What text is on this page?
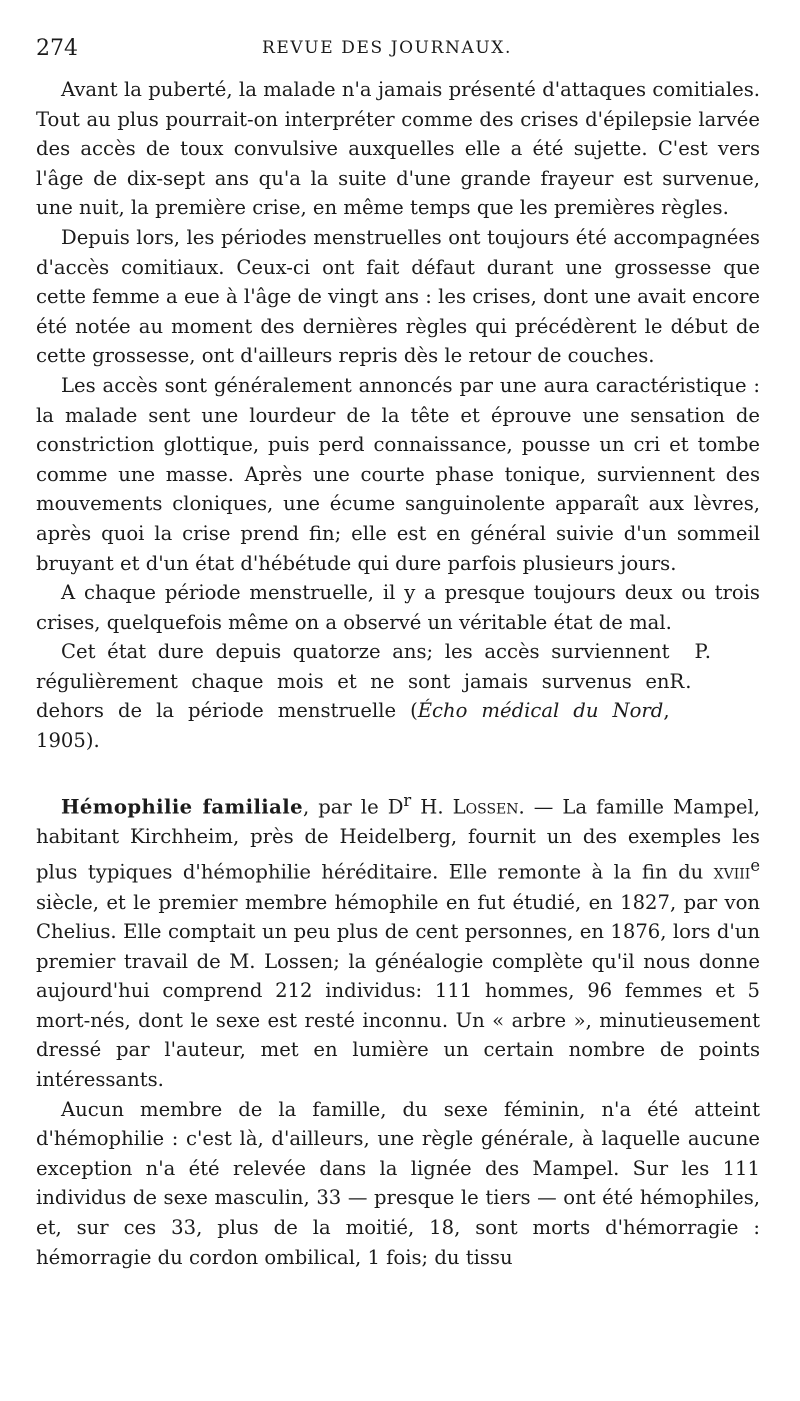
274	REVUE DES JOURNAUX.

Avant la puberté, la malade n'a jamais présenté d'attaques comitiales. Tout au plus pourrait-on interpréter comme des crises d'épilepsie larvée des accès de toux convulsive auxquelles elle a été sujette. C'est vers l'âge de dix-sept ans qu'a la suite d'une grande frayeur est survenue, une nuit, la première crise, en même temps que les premières règles.

Depuis lors, les périodes menstruelles ont toujours été accompagnées d'accès comitiaux. Ceux-ci ont fait défaut durant une grossesse que cette femme a eue à l'âge de vingt ans : les crises, dont une avait encore été notée au moment des dernières règles qui précédèrent le début de cette grossesse, ont d'ailleurs repris dès le retour de couches.

Les accès sont généralement annoncés par une aura caractéristique : la malade sent une lourdeur de la tête et éprouve une sensation de constriction glottique, puis perd connaissance, pousse un cri et tombe comme une masse. Après une courte phase tonique, surviennent des mouvements cloniques, une écume sanguinolente apparaît aux lèvres, après quoi la crise prend fin; elle est en général suivie d'un sommeil bruyant et d'un état d'hébétude qui dure parfois plusieurs jours.

A chaque période menstruelle, il y a presque toujours deux ou trois crises, quelquefois même on a observé un véritable état de mal.

Cet état dure depuis quatorze ans; les accès surviennent régulièrement chaque mois et ne sont jamais survenus en dehors de la période menstruelle (Écho médical du Nord, 1905).
P. R.

Hémophilie familiale, par le $D^r$ H. Lossen. — La famille Mampel, habitant Kirchheim, près de Heidelberg, fournit un des exemples les plus typiques d'hémophilie héréditaire. Elle remonte à la fin du xviii$^e$ siècle, et le premier membre hémophile en fut étudié, en 1827, par von Chelius. Elle comptait un peu plus de cent personnes, en 1876, lors d'un premier travail de M. Lossen; la généalogie complète qu'il nous donne aujourd'hui comprend 212 individus: 111 hommes, 96 femmes et 5 mort-nés, dont le sexe est resté inconnu. Un « arbre », minutieusement dressé par l'auteur, met en lumière un certain nombre de points intéressants.

Aucun membre de la famille, du sexe féminin, n'a été atteint d'hémophilie : c'est là, d'ailleurs, une règle générale, à laquelle aucune exception n'a été relevée dans la lignée des Mampel. Sur les 111 individus de sexe masculin, 33 — presque le tiers — ont été hémophiles, et, sur ces 33, plus de la moitié, 18, sont morts d'hémorragie : hémorragie du cordon ombilical, 1 fois; du tissu
